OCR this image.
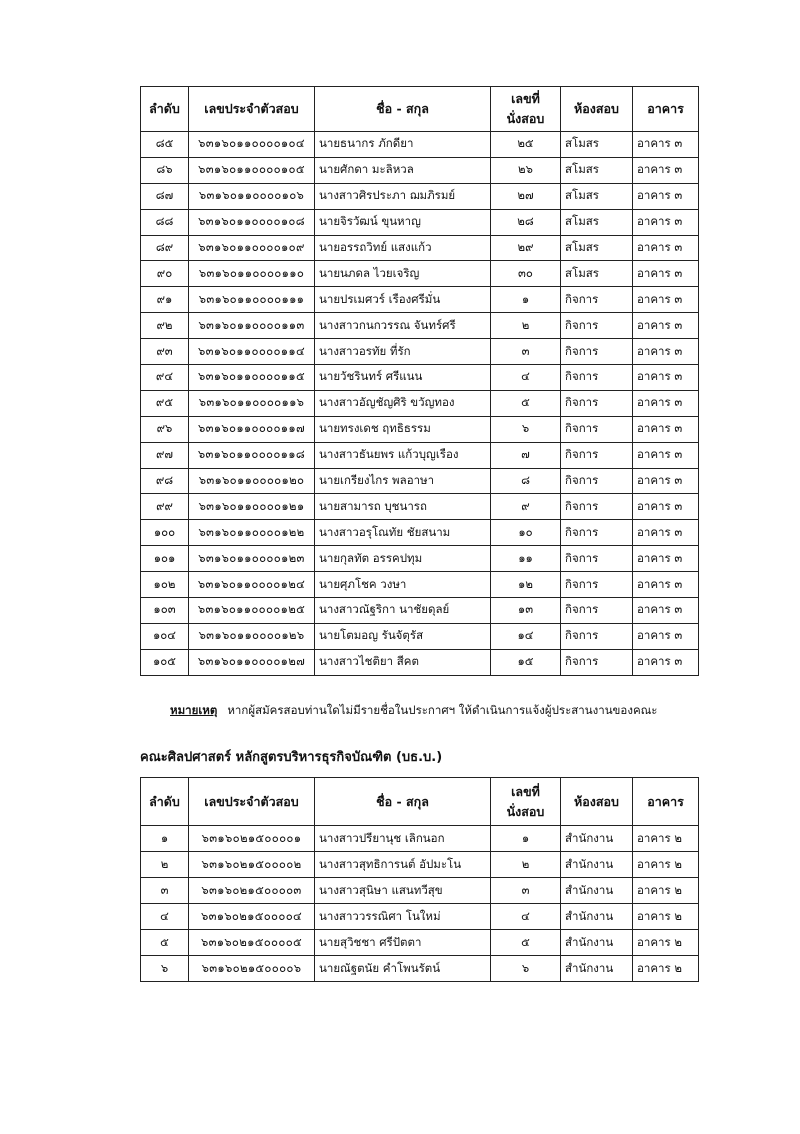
ลำดับ	เลขประจำตัวสอบ	ชื่อ - สกุล	เลขที่
นั่งสอบ	ห้องสอบ	อาคาร
๘๕	๖๓๑๖๐๑๑๐๐๐๐๑๐๔	นายธนากร ภักดียา	๒๕	สโมสร	อาคาร ๓
๘๖	๖๓๑๖๐๑๑๐๐๐๐๑๐๕	นายศักดา มะลิหวล	๒๖	สโมสร	อาคาร ๓
๘๗	๖๓๑๖๐๑๑๐๐๐๐๑๐๖	นางสาวศิรประภา ฌมภิรมย์	๒๗	สโมสร	อาคาร ๓
๘๘	๖๓๑๖๐๑๑๐๐๐๐๑๐๘	นายจิรวัฒน์ ขุนหาญ	๒๘	สโมสร	อาคาร ๓
๘๙	๖๓๑๖๐๑๑๐๐๐๐๑๐๙	นายอรรถวิทย์ แสงแก้ว	๒๙	สโมสร	อาคาร ๓
๙๐	๖๓๑๖๐๑๑๐๐๐๐๑๑๐	นายนภดล ไวยเจริญ	๓๐	สโมสร	อาคาร ๓
๙๑	๖๓๑๖๐๑๑๐๐๐๐๑๑๑	นายปรเมศวร์ เรืองศรีมั่น	๑	กิจการ	อาคาร ๓
๙๒	๖๓๑๖๐๑๑๐๐๐๐๑๑๓	นางสาวกนกวรรณ จันทร์ศรี	๒	กิจการ	อาคาร ๓
๙๓	๖๓๑๖๐๑๑๐๐๐๐๑๑๔	นางสาวอรทัย ที่รัก	๓	กิจการ	อาคาร ๓
๙๔	๖๓๑๖๐๑๑๐๐๐๐๑๑๕	นายวัชรินทร์ ศรีแนน	๔	กิจการ	อาคาร ๓
๙๕	๖๓๑๖๐๑๑๐๐๐๐๑๑๖	นางสาวอัญชัญศิริ ขวัญทอง	๕	กิจการ	อาคาร ๓
๙๖	๖๓๑๖๐๑๑๐๐๐๐๑๑๗	นายทรงเดช ฤทธิธรรม	๖	กิจการ	อาคาร ๓
๙๗	๖๓๑๖๐๑๑๐๐๐๐๑๑๘	นางสาวธันยพร แก้วบุญเรือง	๗	กิจการ	อาคาร ๓
๙๘	๖๓๑๖๐๑๑๐๐๐๐๑๒๐	นายเกรียงไกร พลอาษา	๘	กิจการ	อาคาร ๓
๙๙	๖๓๑๖๐๑๑๐๐๐๐๑๒๑	นายสามารถ บุชนารถ	๙	กิจการ	อาคาร ๓
๑๐๐	๖๓๑๖๐๑๑๐๐๐๐๑๒๒	นางสาวอรุโณทัย ชัยสนาม	๑๐	กิจการ	อาคาร ๓
๑๐๑	๖๓๑๖๐๑๑๐๐๐๐๑๒๓	นายกุลทัต อรรคปทุม	๑๑	กิจการ	อาคาร ๓
๑๐๒	๖๓๑๖๐๑๑๐๐๐๐๑๒๔	นายศุภโชค วงษา	๑๒	กิจการ	อาคาร ๓
๑๐๓	๖๓๑๖๐๑๑๐๐๐๐๑๒๕	นางสาวณัฐริกา นาชัยดุลย์	๑๓	กิจการ	อาคาร ๓
๑๐๔	๖๓๑๖๐๑๑๐๐๐๐๑๒๖	นายโตมอญ รันจัตุรัส	๑๔	กิจการ	อาคาร ๓
๑๐๕	๖๓๑๖๐๑๑๐๐๐๐๑๒๗	นางสาวไชติยา สีคต	๑๕	กิจการ	อาคาร ๓
หมายเหตุ หากผู้สมัครสอบท่านใดไม่มีรายชื่อในประกาศฯ ให้ดำเนินการแจ้งผู้ประสานงานของคณะ
คณะศิลปศาสตร์ หลักสูตรบริหารธุรกิจบัณฑิต (บธ.บ.)
ลำดับ	เลขประจำตัวสอบ	ชื่อ - สกุล	เลขที่
นั่งสอบ	ห้องสอบ	อาคาร
๑	๖๓๑๖๐๒๑๕๐๐๐๐๑	นางสาวปรียานุช เลิกนอก	๑	สำนักงาน	อาคาร ๒
๒	๖๓๑๖๐๒๑๕๐๐๐๐๒	นางสาวสุทธิการนต์ อัปมะโน	๒	สำนักงาน	อาคาร ๒
๓	๖๓๑๖๐๒๑๕๐๐๐๐๓	นางสาวสุนิษา แสนทวีสุข	๓	สำนักงาน	อาคาร ๒
๔	๖๓๑๖๐๒๑๕๐๐๐๐๔	นางสาววรรณิศา โนใหม่	๔	สำนักงาน	อาคาร ๒
๕	๖๓๑๖๐๒๑๕๐๐๐๐๕	นายสุวิชชา ศรีปัตตา	๕	สำนักงาน	อาคาร ๒
๖	๖๓๑๖๐๒๑๕๐๐๐๐๖	นายณัฐตนัย คำโพนรัตน์	๖	สำนักงาน	อาคาร ๒
